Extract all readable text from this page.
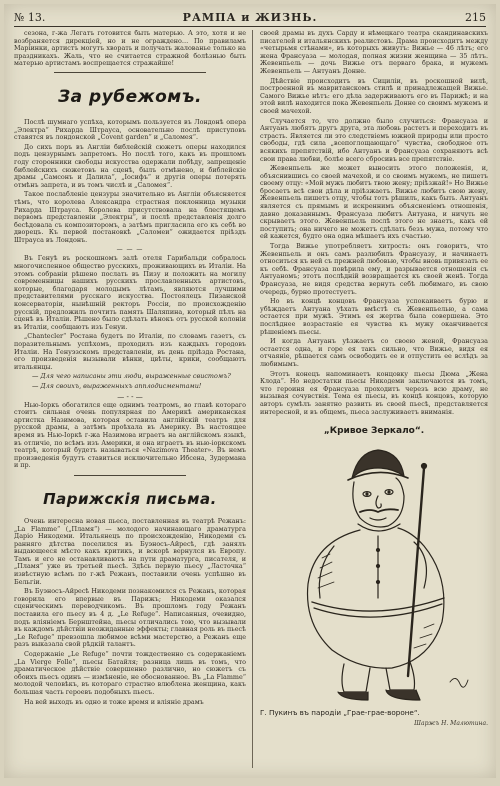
№ 13.	РАМПА и ЖИЗНЬ.	215

сезона, г-жа Легатъ готовится быть матерью. А это, хотя и не возбраняется дирекціей, но и не ограждено… По правиламъ Маріинки, артистъ могутъ хворать и получать жалованье только на праздникахъ. Жаль, что не считается стражной болѣзнью быть матерью артистамъ воспрещается стражайше!

За рубежомъ.

Послѣ шумнаго успѣха, которымъ пользуется въ Лондонѣ опера „Электра“ Рихарда Штрауса, основательно послѣ приступовъ ставятся въ лондонской „Covent garden“ и „Саломея“.

До сихъ поръ въ Англіи библейскій сюжетъ оперы находился подъ цензурнымъ запретомъ. Но послѣ того, какъ въ прошломъ году сторонники свободы искусства одержали побѣду, запрещеніе библейскихъ сюжетовъ на сценѣ, былъ отмѣнено, и библейскіе драмы „Самсонъ и Далила“, „Іосифъ“ и другія оперы потерять отмѣнъ запрета, и въ томъ числѣ и „Саломея“.

Такое послабленіе цензуры значительно въ Англіи объясняется тѣмъ, что королева Александра страстная поклонница музыки Рихарда Штрауса. Королева присутствовала на блестящемъ первомъ представленіи „Электры“, и послѣ представленія долго бесѣдовала съ композиторомъ, а затѣмъ пригласила его къ себѣ во дворецъ. Къ первой постановкѣ „Саломеи“ ожидается пріѣздъ Штрауса въ Лондонъ.

— — —

Въ Генуѣ въ роскошномъ залѣ отеля Гарибальди собралось многочисленное общество русскихъ, проживающихъ въ Италіи. На этомъ собраніи рѣшено послать въ Пизу и положить на могилу современницы нашихъ русскихъ прославленныхъ артистовъ, которые, благодаря молодымъ лѣтамъ, являются лучшими представителями русскаго искусства. Постоялецъ Пизанской консерваторіи, нынѣшній ректоръ Россіи, по происхожденію русскій, предложилъ почтить память Шаляпина, который пѣлъ на сценѣ въ Италіи. Рѣшено было сдѣлать вѣнокъ отъ русской колоніи въ Италіи, сообщаютъ изъ Генуи.

„Chantecler“ Ростана будетъ по Италіи, по словамъ газетъ, съ поразительнымъ успѣхомъ, проходилъ изъ каждыхъ городовъ Италіи. На Генуэзскомъ представленіи, въ день пріѣзда Ростана, его произведенія вызывали вѣнки, цвѣты, крики, сообщаютъ итальянцы.

— Для чего написаны эти люди, выраженные свистомъ?

— Для своихъ, выраженныхъ апплодисментами!

— ‑ ‑ —

Нью-Іоркъ обогатился еще однимъ театромъ, во главѣ котораго стоитъ сильная очень популярная по Америкѣ американская артистка Назимова, которая оставила англійскій театръ для русской драмы, а затѣмъ проѣхала въ Америку. Въ настоящее время въ Нью-Іоркѣ г-жа Назимова играетъ на англійскомъ языкѣ, въ отличіе, по всѣмъ изъ Америки, и она играетъ въ нью-іоркскомъ театрѣ, который будетъ называться «Nazimova Theater». Въ немъ произведенія будутъ ставиться исключительно Ибсена, Зудермана и пр.

Парижскія письма.

Очень интересна новая пьеса, поставленная въ театрѣ Режанъ: „La Flamme“ („Пламя“) — молодого начинающаго драматурга Даріо Никодеми. Итальянецъ по происхожденію, Никодеми съ ранняго дѣтства поселился въ Буэносъ-Айресѣ, гдѣ занялъ выдающееся мѣсто какъ критикъ, и вскорѣ вернулся въ Европу. Тамъ и его не останавливаютъ на пути драматурга, писателя, и „Пламя“ уже въ третьей пьесѣ. Здѣсь первую пьесу „Ласточка“ извѣстную всѣмъ по г-жѣ Режанъ, поставили очень успѣшно въ Бельгіи.

Въ Буэносъ-Айресѣ Никодеми познакомился съ Режанъ, которая говорила его впервые въ Парижъ; Никодеми оказался сценическимъ переводчикомъ. Въ прошломъ году Режанъ поставила его пьесу въ 4 д. „Le Refuge“. Написанныя, очевидно, подъ вліяніемъ Бернштейна, пьесы отличались тою, что вызывали въ каждомъ дѣйствіи неожиданные эффекты; главная роль въ пьесѣ „Le Refuge“ превзошла любимое всѣми мастерство, а Режанъ еще разъ выказала свой рѣдкій талантъ.

Содержаніе „Le Refuge“ почти тождественно съ содержаніемъ „La Vierge Folle“, пьесы Батайля; разница лишь въ томъ, что драматическое дѣйствіе совершенно различно, но сюжетъ съ обоихъ пьесъ одинъ — измѣненіе, не обоснованное. Въ „La Flamme“ молодой человѣкъ, въ котораго страстно влюблена женщина, какъ большая часть героевъ подобныхъ пьесъ.

На вей выходъ въ одно и тоже время и вліяніе драмъ

своей драмы въ духъ Сарду и нѣмецкаго театра скандинавскихъ писателей и итальянскихъ реалистовъ. Драма происходитъ между «четырьмя стѣнами», въ которыхъ живутъ: Вижье — 46 лѣтъ; его жена Франсуаза — молодая, полная жизни женщина — 35 лѣтъ. Жевенпьель — дочь Вижье отъ перваго брака, и мужемъ Жевенпьель — Антуанъ Донне.

Дѣйствіе происходитъ въ Сициліи, въ роскошной вилѣ, построенной въ мавританскомъ стилѣ и принадлежащей Вижье. Самого Вижье нѣтъ: его дѣла задерживаютъ его въ Парижѣ; и на этой вилѣ находится пока Жевенпьель Донне со своимъ мужемъ и своей мачехой.

Случается то, что должно было случиться: Франсуаза и Антуанъ любятъ другъ друга, эта любовь растетъ и переходитъ въ страсть. Является ли это следствіемъ южной природы или просто свободы, гдѣ сила „всепоглощающаго“ чувства, свободное отъ всякихъ препятствій, ибо Антуанъ и Франсуаза сохраняютъ всѣ свои права любви, болѣе всего сбросивъ все препятствіе.

Жевенпьель же может выносить этого положенія, и, объяснившись со своей мачехой, и со своимъ мужемъ, не пишетъ своему отцу: «Мой мужъ любитъ твою жену; пріѣзжай!» Но Вижье бросаетъ всѣ свои дѣла и пріѣзжаетъ. Вижье любитъ свою жену, Жевенпьель пишетъ отцу, чтобы тотъ рѣшилъ, какъ быть. Антуанъ является съ прямымъ и искреннимъ объясненіемъ отношенія, давно доказаннымъ. Франсуаза любитъ Антуана, и ничуть не скрываетъ этого. Жевенпьель послѣ этого не знаетъ, какъ ей поступить; она ничего не можетъ сдѣлать безъ мужа, потому что ей кажется, будто она одна мѣшаетъ ихъ счастью.

Тогда Вижье употребляетъ хитрость: онъ говоритъ, что Жевенпьель и онъ самъ разлюбилъ Франсуазу, и начинаетъ относиться къ ней съ прежней любовью, чтобы вновь привязать ее къ себѣ. Франсуаза повѣрила ему, и разрывается отношенія съ Антуаномъ; этотъ послѣдній возвращается къ своей женѣ. Тогда Франсуаза, не видя средства вернуть себѣ любимаго, въ свою очередь, бурно протестуетъ.

Но въ концѣ концовъ Франсуаза успокаиваетъ бурю и убѣждаетъ Антуана уѣхать вмѣстѣ съ Жевенпьелью, а сама остается при мужѣ. Этимъ ея жертва была совершена. Это послѣднее возрастаніе ея чувства къ мужу оканчивается рѣшеніемъ пьесы.

И когда Антуанъ уѣзжаетъ со своею женой, Франсуаза остается одна, и горе ея такъ сильно, что Вижье, видя ея отчаяніе, рѣшается самъ освободить ее и отпустить ее вслѣдъ за любимымъ.

Этотъ конецъ напоминаетъ концовку пьесы Дюма „Жена Клода“. Но недостатки пьесы Никодеми заключаются въ томъ, что героиня ея Франсуаза проходитъ черезъ всю драму, не вызывая сочувствія. Тема ея пьесы, въ концѣ концовъ, которую авторъ сумѣлъ занятно развить въ своей пьесѣ, представляется интересной, и въ общемъ, пьеса заслуживаетъ вниманія.

„Кривое Зеркало“.
Г. Пукинъ въ пародіи „Грае-грае-вороне“.
Шаржъ Н. Малютина.
